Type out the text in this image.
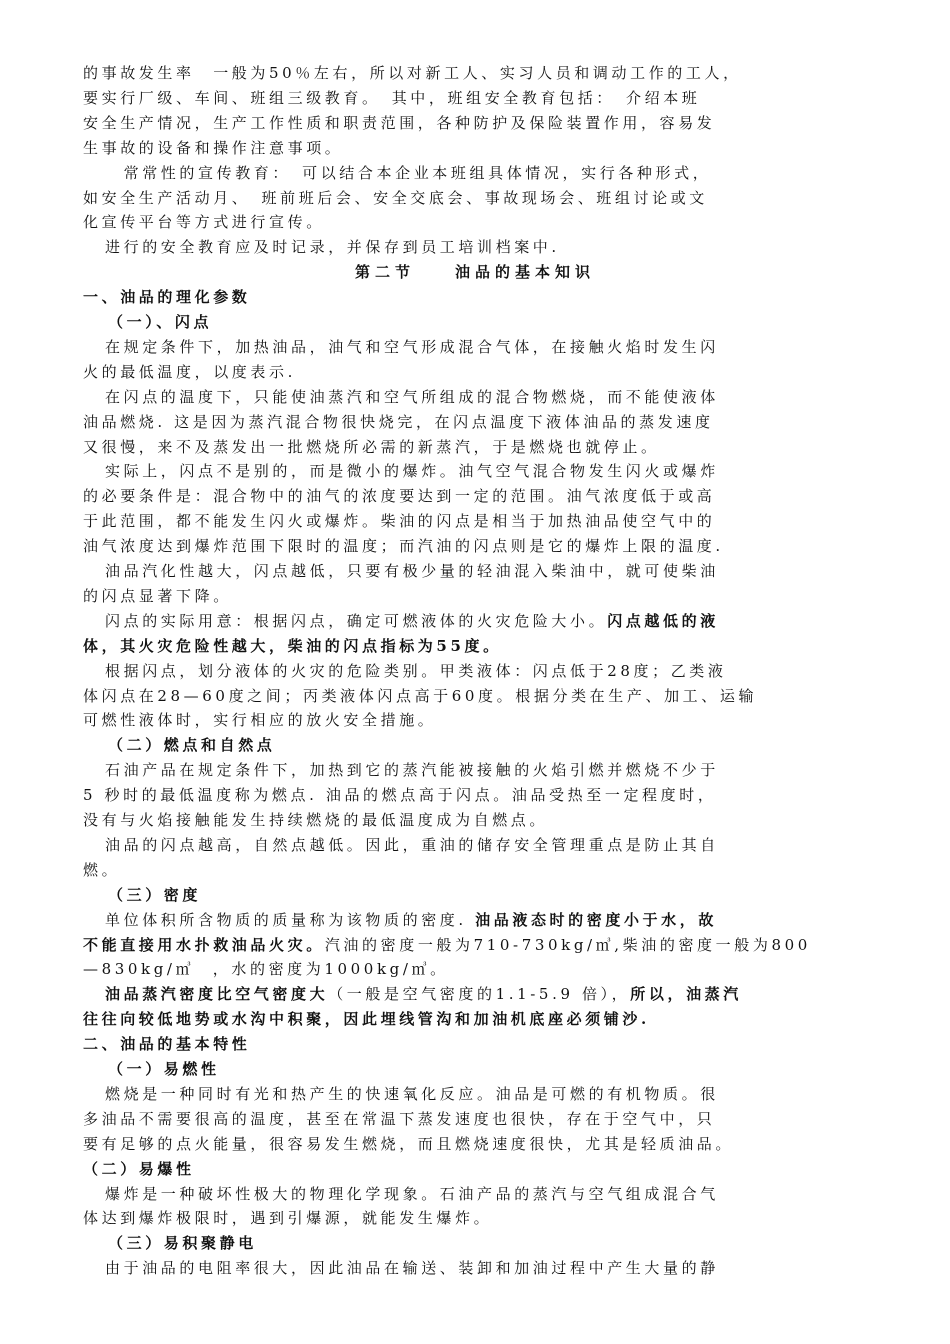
的事故发生率　一般为50％左右，所以对新工人、实习人员和调动工作的工人，
要实行厂级、车间、班组三级教育。　其中，班组安全教育包括：　介绍本班
安全生产情况，生产工作性质和职责范围，各种防护及保险装置作用，容易发
生事故的设备和操作注意事项。
　常常性的宣传教育：　可以结合本企业本班组具体情况，实行各种形式，
如安全生产活动月、　班前班后会、安全交底会、事故现场会、班组讨论或文
化宣传平台等方式进行宣传。
进行的安全教育应及时记录，并保存到员工培训档案中.
第二节　　油品的基本知识
一、油品的理化参数
（一）、闪点
在规定条件下，加热油品，油气和空气形成混合气体，在接触火焰时发生闪
火的最低温度，以度表示.
在闪点的温度下，只能使油蒸汽和空气所组成的混合物燃烧，而不能使液体
油品燃烧. 这是因为蒸汽混合物很快烧完，在闪点温度下液体油品的蒸发速度
又很慢，来不及蒸发出一批燃烧所必需的新蒸汽，于是燃烧也就停止。
实际上，闪点不是别的，而是微小的爆炸。油气空气混合物发生闪火或爆炸
的必要条件是：混合物中的油气的浓度要达到一定的范围。油气浓度低于或高
于此范围，都不能发生闪火或爆炸。柴油的闪点是相当于加热油品使空气中的
油气浓度达到爆炸范围下限时的温度；而汽油的闪点则是它的爆炸上限的温度.
油品汽化性越大，闪点越低，只要有极少量的轻油混入柴油中，就可使柴油
的闪点显著下降。
闪点的实际用意：根据闪点，确定可燃液体的火灾危险大小。闪点越低的液
体，其火灾危险性越大，柴油的闪点指标为55度。
根据闪点，划分液体的火灾的危险类别。甲类液体：闪点低于28度；乙类液
体闪点在28—60度之间；丙类液体闪点高于60度。根据分类在生产、加工、运输
可燃性液体时，实行相应的放火安全措施。
（二）燃点和自然点
石油产品在规定条件下，加热到它的蒸汽能被接触的火焰引燃并燃烧不少于
5 秒时的最低温度称为燃点. 油品的燃点高于闪点。油品受热至一定程度时，
没有与火焰接触能发生持续燃烧的最低温度成为自燃点。
油品的闪点越高，自然点越低。因此，重油的储存安全管理重点是防止其自
燃。
（三）密度
单位体积所含物质的质量称为该物质的密度. 油品液态时的密度小于水，故
不能直接用水扑救油品火灾。汽油的密度一般为710-730kg/㎥,柴油的密度一般为800
—830kg/㎥　，水的密度为1000kg/㎥。
油品蒸汽密度比空气密度大（一般是空气密度的1.1-5.9 倍），所以，油蒸汽
往往向较低地势或水沟中积聚，因此埋线管沟和加油机底座必须铺沙.
二、油品的基本特性
（一）易燃性
燃烧是一种同时有光和热产生的快速氧化反应。油品是可燃的有机物质。很
多油品不需要很高的温度，甚至在常温下蒸发速度也很快，存在于空气中，只
要有足够的点火能量，很容易发生燃烧，而且燃烧速度很快，尤其是轻质油品。
（二）易爆性
爆炸是一种破坏性极大的物理化学现象。石油产品的蒸汽与空气组成混合气
体达到爆炸极限时，遇到引爆源，就能发生爆炸。
（三）易积聚静电
由于油品的电阻率很大，因此油品在输送、装卸和加油过程中产生大量的静
